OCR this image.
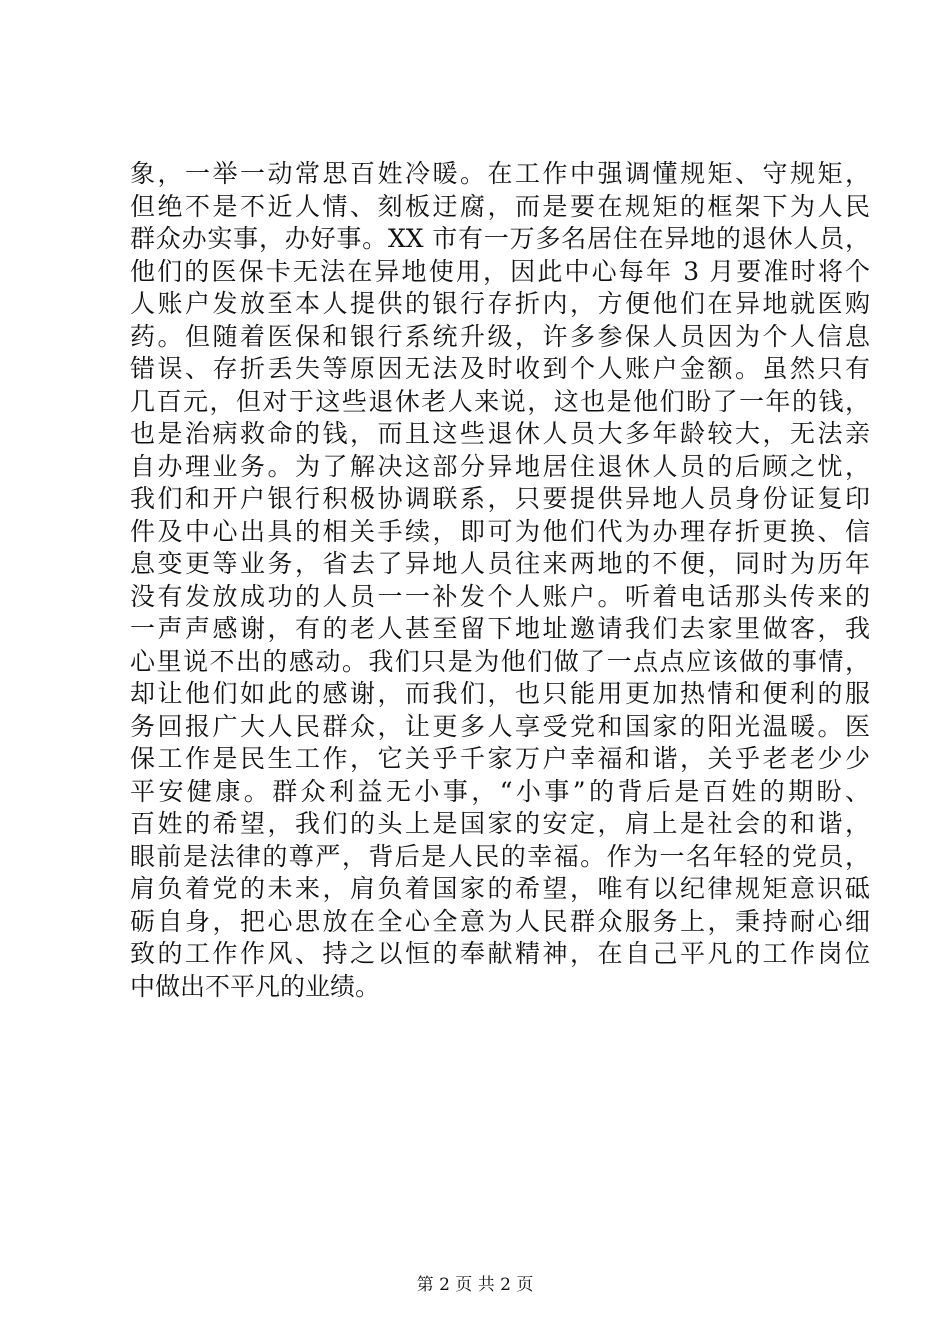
象，一举一动常思百姓冷暖。在工作中强调懂规矩、守规矩，
但绝不是不近人情、刻板迂腐，而是要在规矩的框架下为人民
群众办实事，办好事。XX 市有一万多名居住在异地的退休人员，
他们的医保卡无法在异地使用，因此中心每年 3 月要准时将个
人账户发放至本人提供的银行存折内，方便他们在异地就医购
药。但随着医保和银行系统升级，许多参保人员因为个人信息
错误、存折丢失等原因无法及时收到个人账户金额。虽然只有
几百元，但对于这些退休老人来说，这也是他们盼了一年的钱，
也是治病救命的钱，而且这些退休人员大多年龄较大，无法亲
自办理业务。为了解决这部分异地居住退休人员的后顾之忧，
我们和开户银行积极协调联系，只要提供异地人员身份证复印
件及中心出具的相关手续，即可为他们代为办理存折更换、信
息变更等业务，省去了异地人员往来两地的不便，同时为历年
没有发放成功的人员一一补发个人账户。听着电话那头传来的
一声声感谢，有的老人甚至留下地址邀请我们去家里做客，我
心里说不出的感动。我们只是为他们做了一点点应该做的事情，
却让他们如此的感谢，而我们，也只能用更加热情和便利的服
务回报广大人民群众，让更多人享受党和国家的阳光温暖。医
保工作是民生工作，它关乎千家万户幸福和谐，关乎老老少少
平安健康。群众利益无小事，“小事”的背后是百姓的期盼、
百姓的希望，我们的头上是国家的安定，肩上是社会的和谐，
眼前是法律的尊严，背后是人民的幸福。作为一名年轻的党员，
肩负着党的未来，肩负着国家的希望，唯有以纪律规矩意识砥
砺自身，把心思放在全心全意为人民群众服务上，秉持耐心细
致的工作作风、持之以恒的奉献精神，在自己平凡的工作岗位
中做出不平凡的业绩。
第 2 页 共 2 页
